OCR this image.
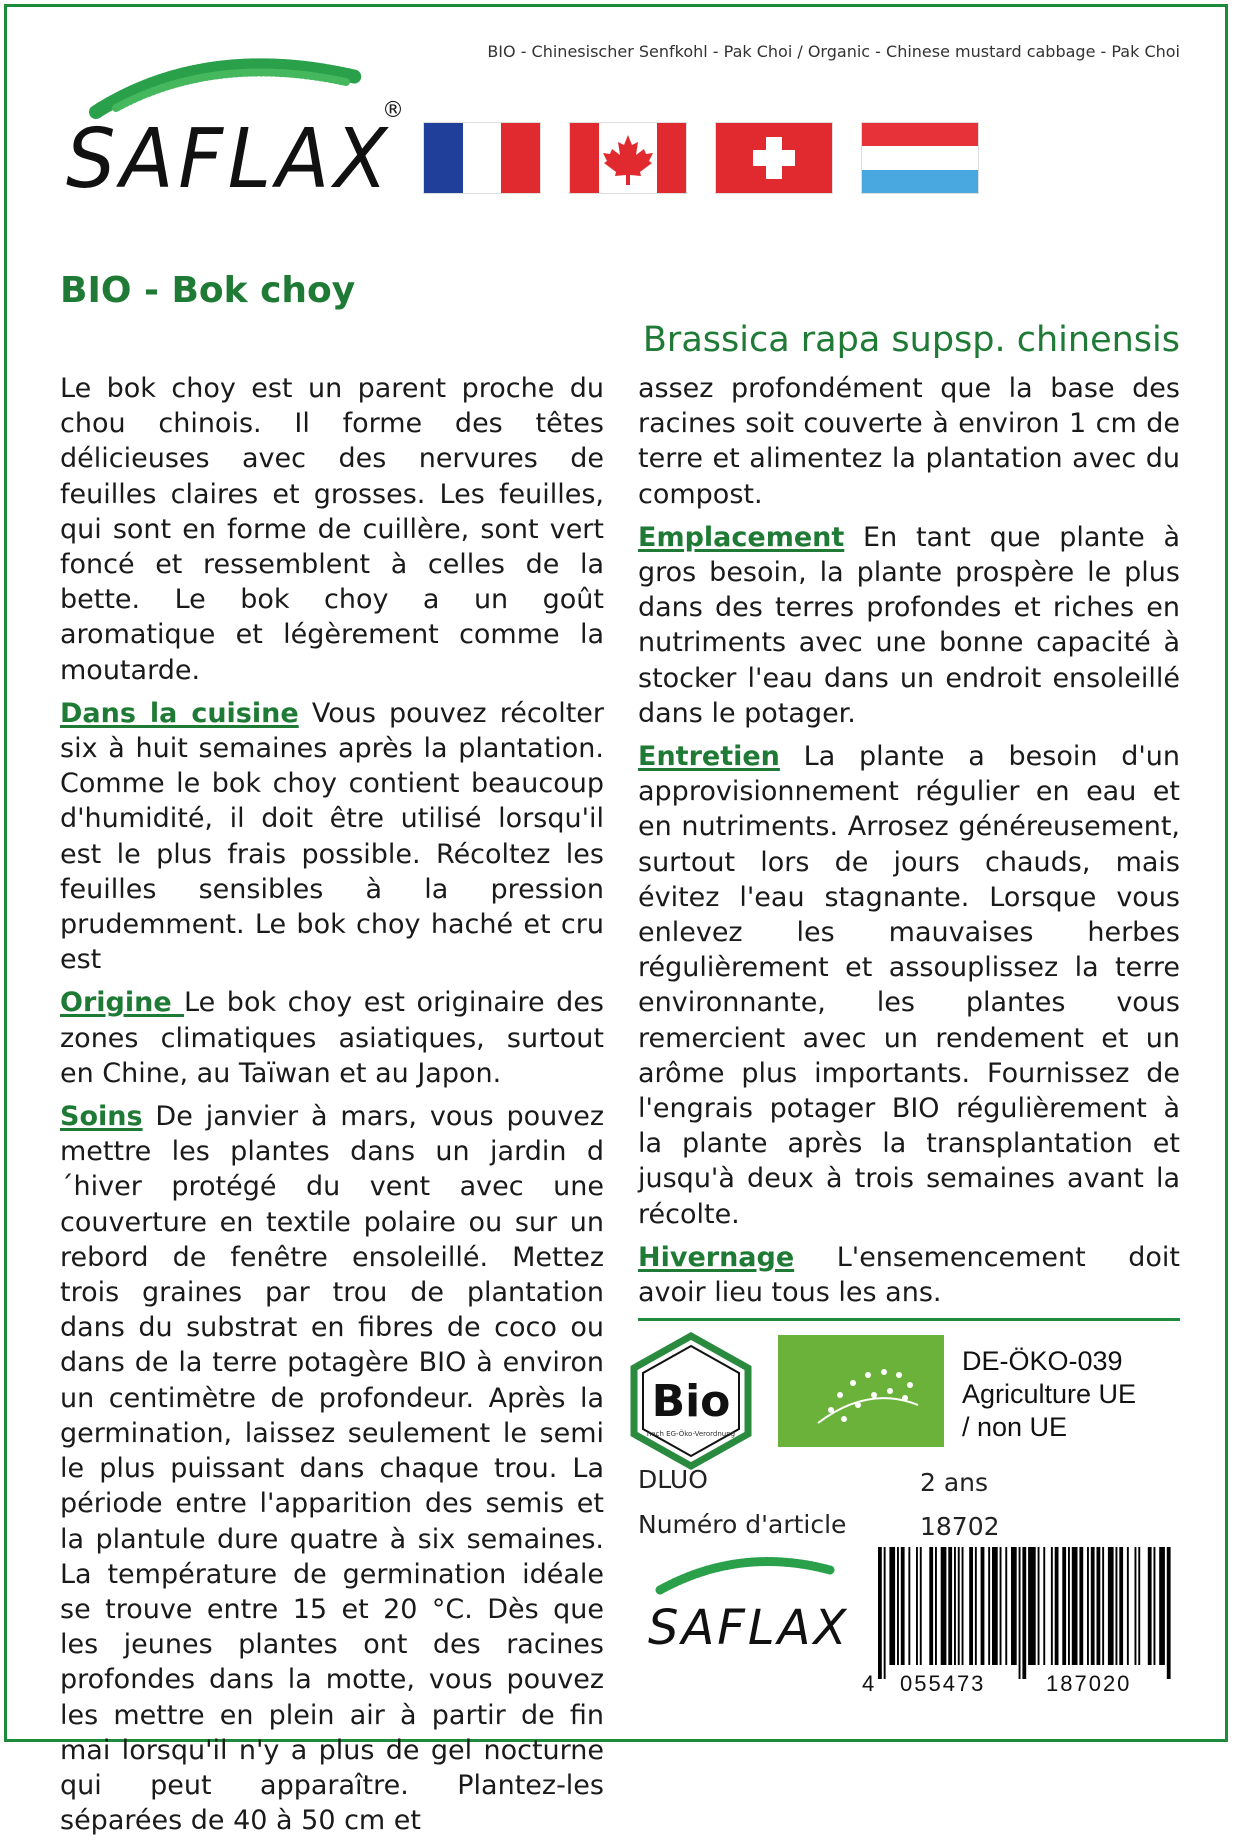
BIO - Chinesischer Senfkohl - Pak Choi / Organic - Chinese mustard cabbage - Pak Choi
SAFLAX
®
BIO - Bok choy
Brassica rapa supsp. chinensis

Le bok choy est un parent proche du chou chinois. Il forme des têtes délicieuses avec des nervures de feuilles claires et grosses. Les feuilles, qui sont en forme de cuillère, sont vert foncé et ressemblent à celles de la bette. Le bok choy a un goût aromatique et légèrement comme la moutarde.

Dans la cuisine Vous pouvez récolter six à huit semaines après la plantation. Comme le bok choy contient beaucoup d'humidité, il doit être utilisé lorsqu'il est le plus frais possible. Récoltez les feuilles sensibles à la pression prudemment. Le bok choy haché et cru est

Origine Le bok choy est originaire des zones climatiques asiatiques, surtout en Chine, au Taïwan et au Japon.

Soins De janvier à mars, vous pouvez mettre les plantes dans un jardin d´hiver protégé du vent avec une couverture en textile polaire ou sur un rebord de fenêtre ensoleillé. Mettez trois graines par trou de plantation dans du substrat en fibres de coco ou dans de la terre potagère BIO à environ un centimètre de profondeur. Après la germination, laissez seulement le semi le plus puissant dans chaque trou. La période entre l'apparition des semis et la plantule dure quatre à six semaines. La température de germination idéale se trouve entre 15 et 20 °C. Dès que les jeunes plantes ont des racines profondes dans la motte, vous pouvez les mettre en plein air à partir de fin mai lorsqu'il n'y a plus de gel nocturne qui peut apparaître. Plantez-les séparées de 40 à 50 cm et

assez profondément que la base des racines soit couverte à environ 1 cm de terre et alimentez la plantation avec du compost.

Emplacement En tant que plante à gros besoin, la plante prospère le plus dans des terres profondes et riches en nutriments avec une bonne capacité à stocker l'eau dans un endroit ensoleillé dans le potager.

Entretien La plante a besoin d'un approvisionnement régulier en eau et en nutriments. Arrosez généreusement, surtout lors de jours chauds, mais évitez l'eau stagnante. Lorsque vous enlevez les mauvaises herbes régulièrement et assouplissez la terre environnante, les plantes vous remercient avec un rendement et un arôme plus importants. Fournissez de l'engrais potager BIO régulièrement à la plante après la transplantation et jusqu'à deux à trois semaines avant la récolte.

Hivernage L'ensemencement doit avoir lieu tous les ans.

Bio
nach EG-Öko-Verordnung
DE-ÖKO-039
Agriculture UE
/ non UE
DLUO	2 ans
Numéro d'article	18702
SAFLAX
4 055473	187020
